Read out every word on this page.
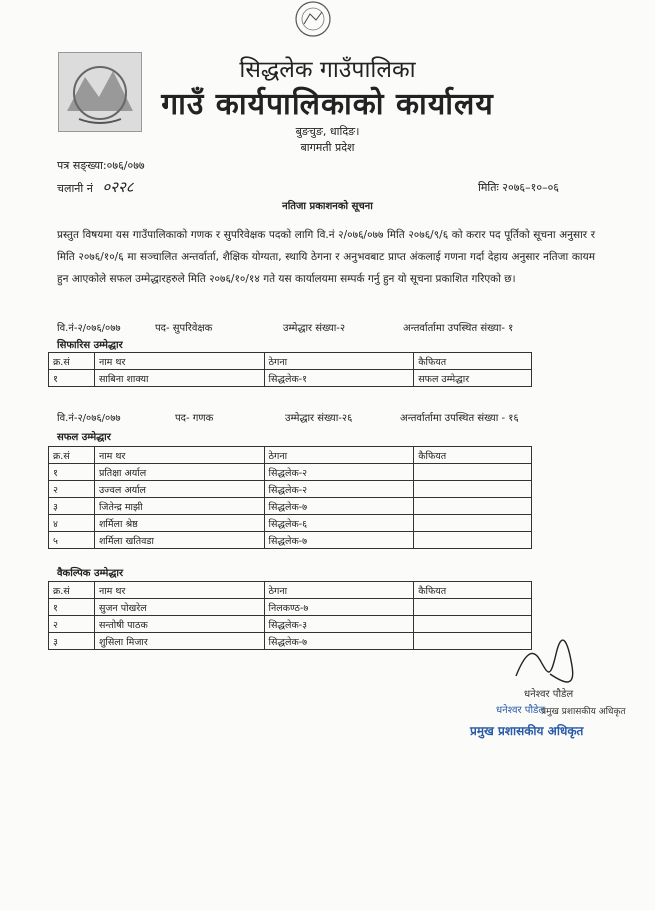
सिद्धलेक गाउँपालिका
गाउँ कार्यपालिकाको कार्यालय
बुङचुङ, धादिङ।
बागमती प्रदेश
पत्र सङ्ख्या:०७६/०७७
चलानी नं ०२२८	मितिः २०७६–१०–०६
नतिजा प्रकाशनको सूचना
प्रस्तुत विषयमा यस गाउँपालिकाको गणक र सुपरिवेक्षक पदको लागि वि.नं २/०७६/०७७ मिति २०७६/९/६ को करार पद पूर्तिको सूचना अनुसार र मिति २०७६/१०/६ मा सञ्चालित अन्तर्वार्ता, शैक्षिक योग्यता, स्थायि ठेगना र अनुभवबाट प्राप्त अंकलाई गणना गर्दा देहाय अनुसार नतिजा कायम हुन आएकोले सफल उम्मेद्धारहरुले मिति २०७६/१०/१४ गते यस कार्यालयमा सम्पर्क गर्नु हुन यो सूचना प्रकाशित गरिएको छ।
वि.नं-२/०७६/०७७	पद- सुपरिवेक्षक	उम्मेद्धार संख्या-२	अन्तर्वार्तामा उपस्थित संख्या- १
सिफारिस उम्मेद्धार
क्र.सं	नाम थर	ठेगना	कैफियत
१	साबिना शाक्या	सिद्धलेक-१	सफल उम्मेद्धार
वि.नं-२/०७६/०७७	पद- गणक	उम्मेद्धार संख्या-२६	अन्तर्वार्तामा उपस्थित संख्या - १६
सफल उम्मेद्धार
क्र.सं	नाम थर	ठेगना	कैफियत
१	प्रतिक्षा अर्याल	सिद्धलेक-२	
२	उज्वल अर्याल	सिद्धलेक-२	
३	जितेन्द्र माझी	सिद्धलेक-७	
४	शर्मिला श्रेष्ठ	सिद्धलेक-६	
५	शर्मिला खतिवडा	सिद्धलेक-७	
वैकल्पिक उम्मेद्धार
क्र.सं	नाम थर	ठेगना	कैफियत
१	सुजन पोखरेल	निलकण्ठ-७	
२	सन्तोषी पाठक	सिद्धलेक-३	
३	शुसिला मिजार	सिद्धलेक-७	
धनेश्वर पौडेल
धनेश्वर पौडेल
प्रमुख प्रशासकीय अधिकृत
प्रमुख प्रशासकीय अधिकृत
